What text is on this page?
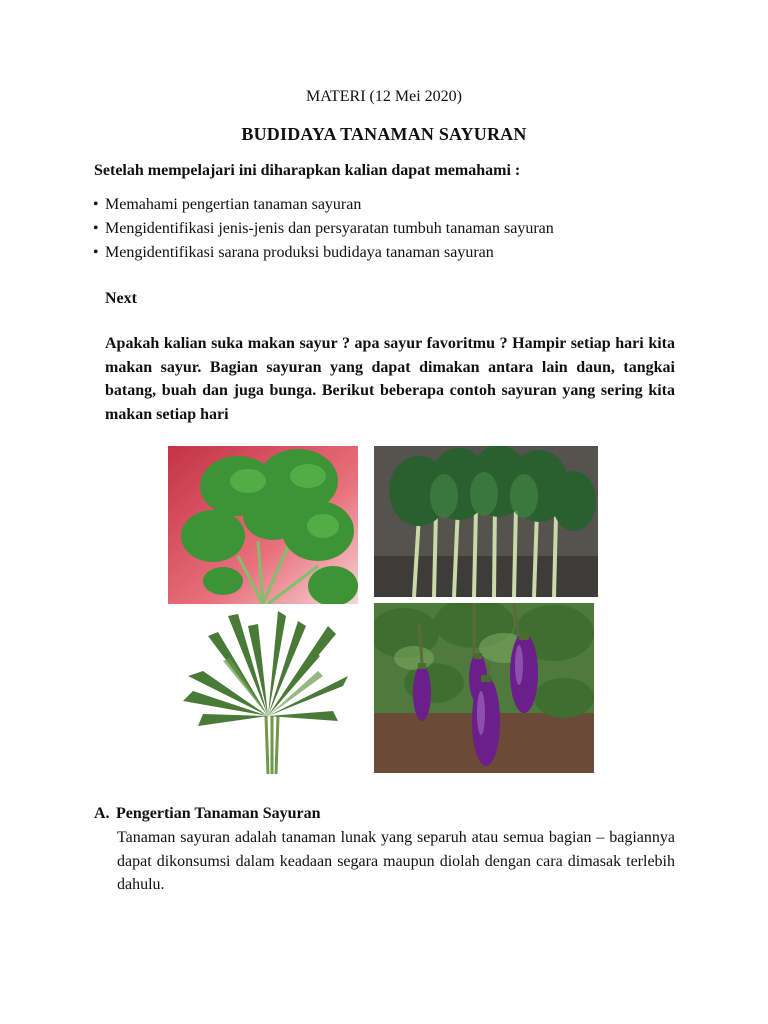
MATERI (12 Mei 2020)
BUDIDAYA TANAMAN SAYURAN
Setelah mempelajari ini diharapkan kalian dapat memahami :
• Memahami pengertian tanaman sayuran
• Mengidentifikasi jenis-jenis dan persyaratan tumbuh tanaman sayuran
• Mengidentifikasi sarana produksi budidaya tanaman sayuran
Next

Apakah kalian suka makan sayur ? apa sayur favoritmu ? Hampir setiap hari kita makan sayur. Bagian sayuran yang dapat dimakan antara lain daun, tangkai batang, buah dan juga bunga. Berikut beberapa contoh sayuran yang sering kita makan setiap hari

A. Pengertian Tanaman Sayuran

Tanaman sayuran adalah tanaman lunak yang separuh atau semua bagian – bagiannya dapat dikonsumsi dalam keadaan segara maupun diolah dengan cara dimasak terlebih dahulu.
